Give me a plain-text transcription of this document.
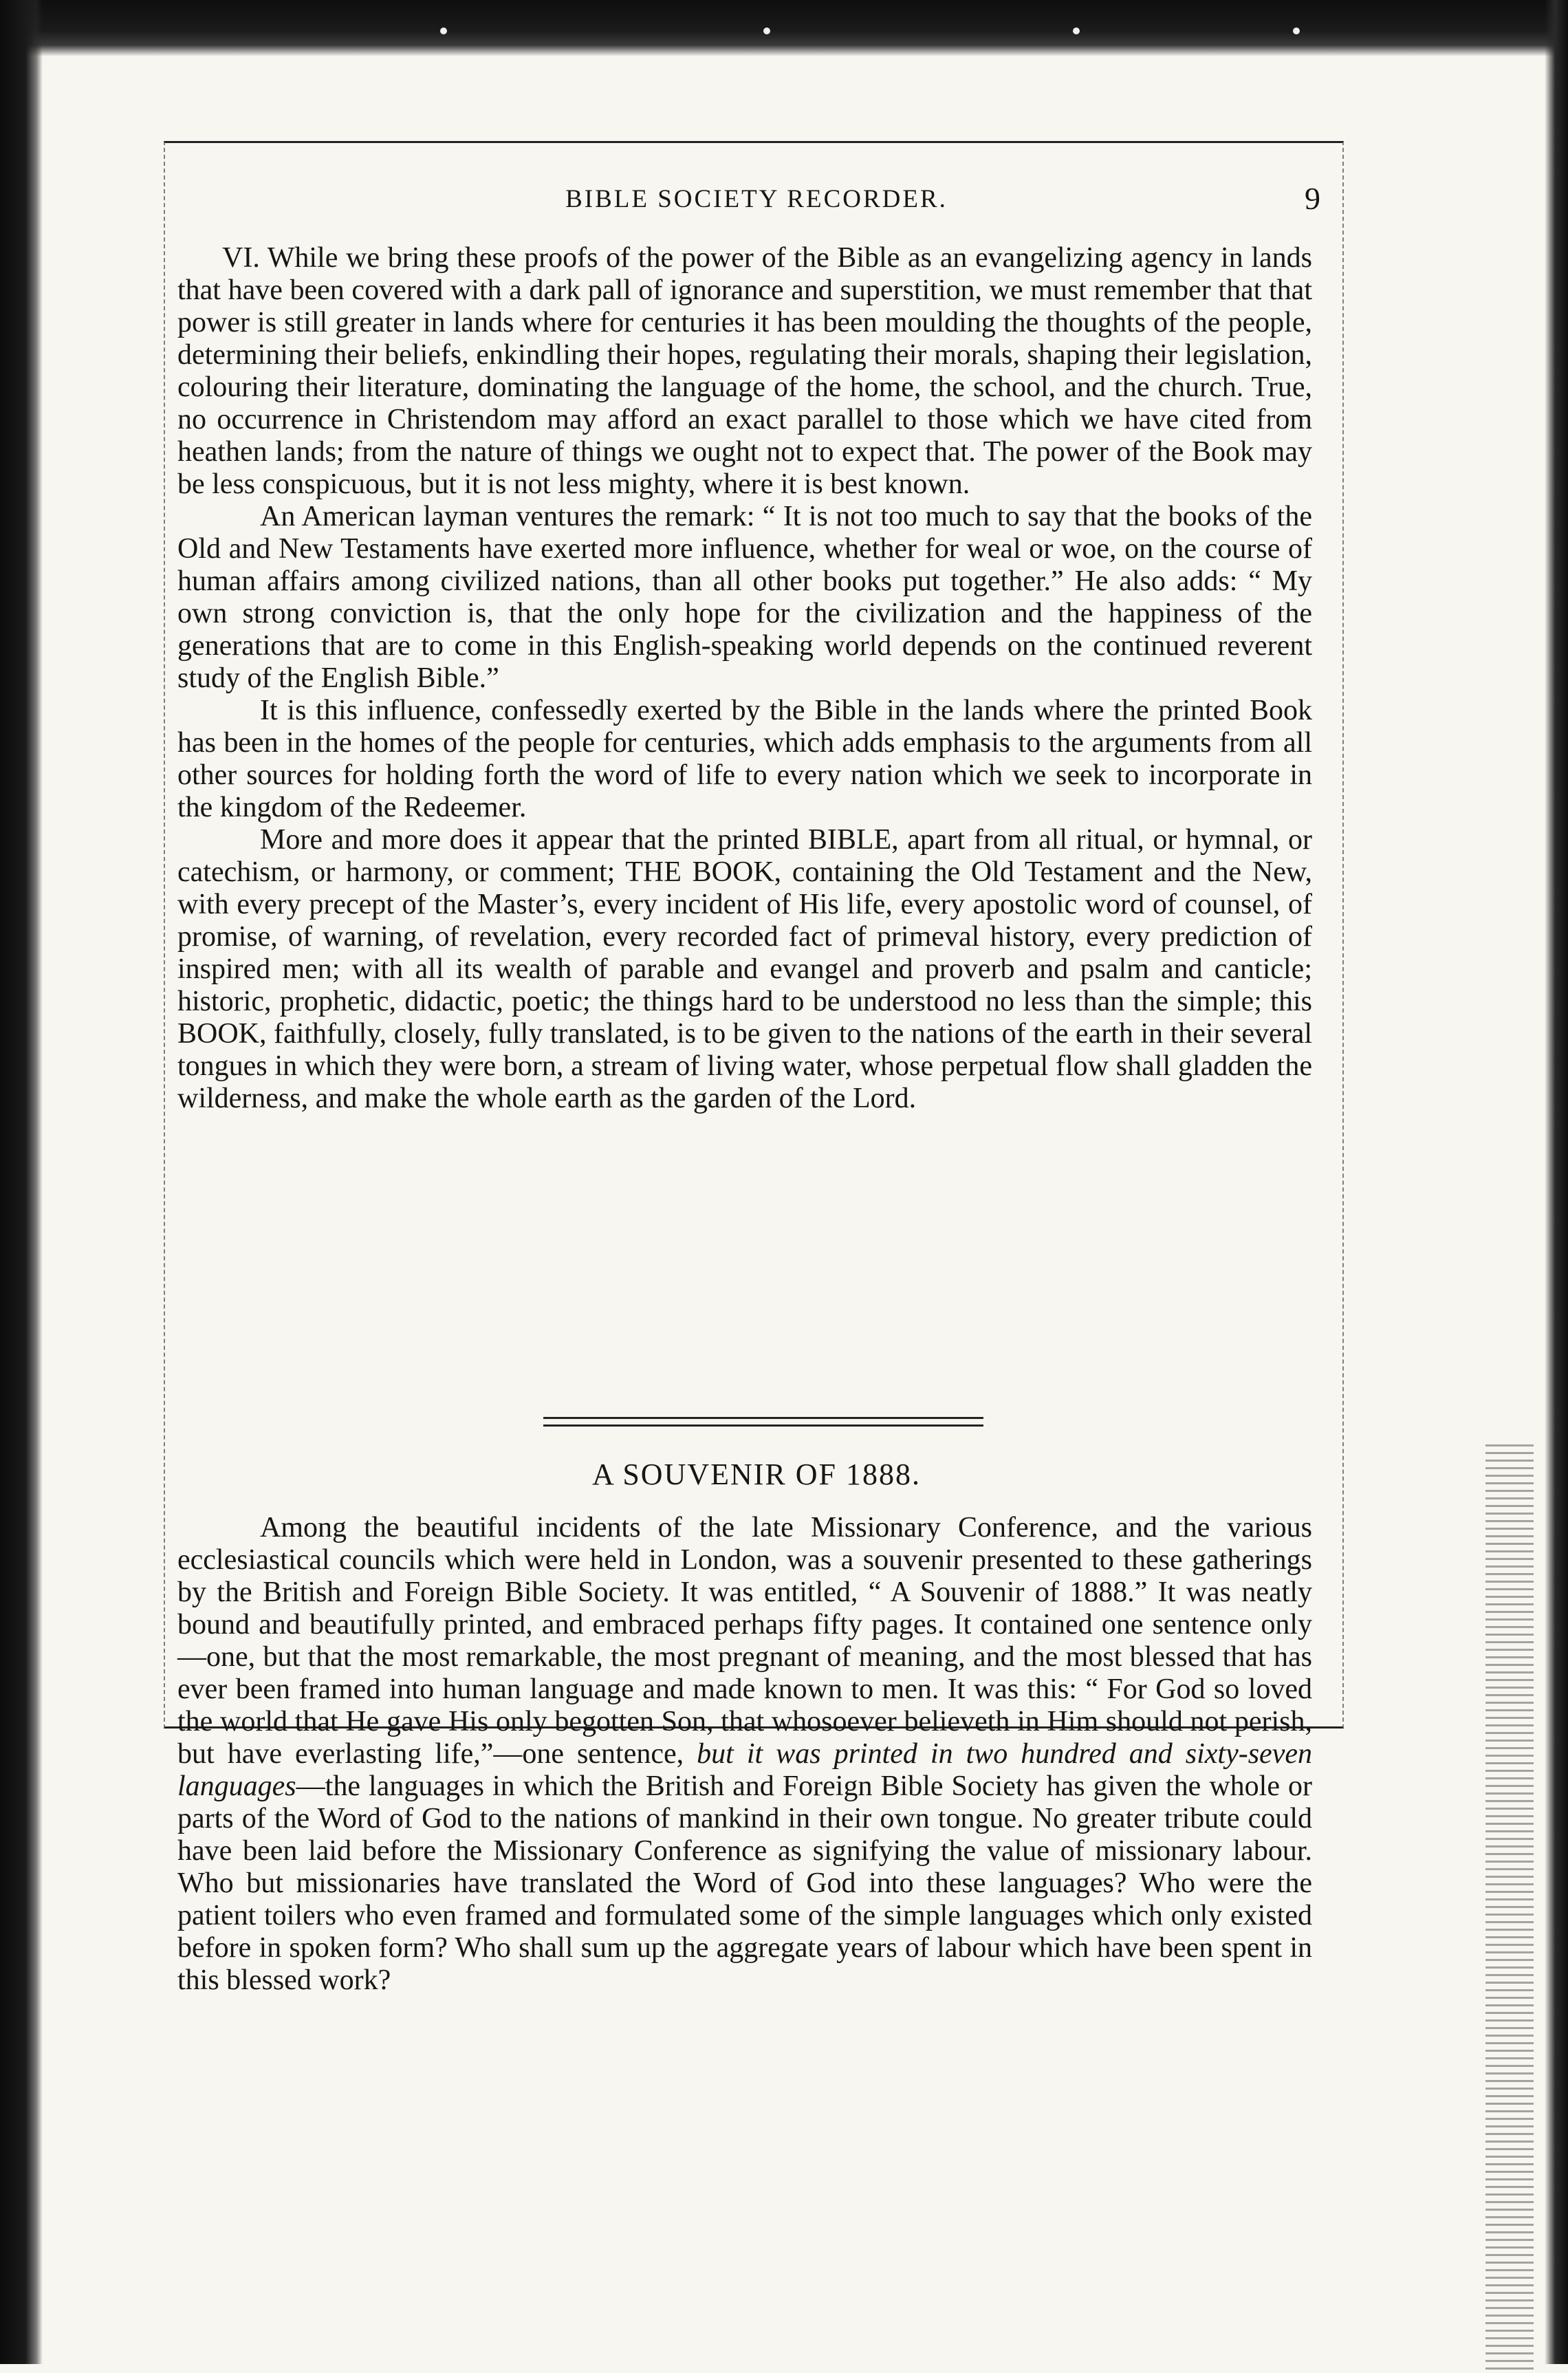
BIBLE SOCIETY RECORDER.	9

VI. While we bring these proofs of the power of the Bible as an evangelizing agency in lands that have been covered with a dark pall of ignorance and superstition, we must remember that that power is still greater in lands where for centuries it has been moulding the thoughts of the people, determining their beliefs, enkindling their hopes, regulating their morals, shaping their legislation, colouring their literature, dominating the language of the home, the school, and the church. True, no occurrence in Christendom may afford an exact parallel to those which we have cited from heathen lands; from the nature of things we ought not to expect that. The power of the Book may be less conspicuous, but it is not less mighty, where it is best known.

An American layman ventures the remark: “ It is not too much to say that the books of the Old and New Testaments have exerted more influence, whether for weal or woe, on the course of human affairs among civilized nations, than all other books put together.” He also adds: “ My own strong conviction is, that the only hope for the civilization and the happiness of the generations that are to come in this English-speaking world depends on the continued reverent study of the English Bible.”

It is this influence, confessedly exerted by the Bible in the lands where the printed Book has been in the homes of the people for centuries, which adds emphasis to the arguments from all other sources for holding forth the word of life to every nation which we seek to incorporate in the kingdom of the Redeemer.

More and more does it appear that the printed BIBLE, apart from all ritual, or hymnal, or catechism, or harmony, or comment; THE BOOK, containing the Old Testament and the New, with every precept of the Master’s, every incident of His life, every apostolic word of counsel, of promise, of warning, of revelation, every recorded fact of primeval history, every prediction of inspired men; with all its wealth of parable and evangel and proverb and psalm and canticle; historic, prophetic, didactic, poetic; the things hard to be understood no less than the simple; this BOOK, faithfully, closely, fully translated, is to be given to the nations of the earth in their several tongues in which they were born, a stream of living water, whose perpetual flow shall gladden the wilderness, and make the whole earth as the garden of the Lord.

A SOUVENIR OF 1888.

Among the beautiful incidents of the late Missionary Conference, and the various ecclesiastical councils which were held in London, was a souvenir presented to these gatherings by the British and Foreign Bible Society. It was entitled, “ A Souvenir of 1888.” It was neatly bound and beautifully printed, and embraced perhaps fifty pages. It contained one sentence only—one, but that the most remarkable, the most pregnant of meaning, and the most blessed that has ever been framed into human language and made known to men. It was this: “ For God so loved the world that He gave His only begotten Son, that whosoever believeth in Him should not perish, but have everlasting life,”—one sentence, but it was printed in two hundred and sixty-seven languages—the languages in which the British and Foreign Bible Society has given the whole or parts of the Word of God to the nations of mankind in their own tongue. No greater tribute could have been laid before the Missionary Conference as signifying the value of missionary labour. Who but missionaries have translated the Word of God into these languages? Who were the patient toilers who even framed and formulated some of the simple languages which only existed before in spoken form? Who shall sum up the aggregate years of labour which have been spent in this blessed work?
